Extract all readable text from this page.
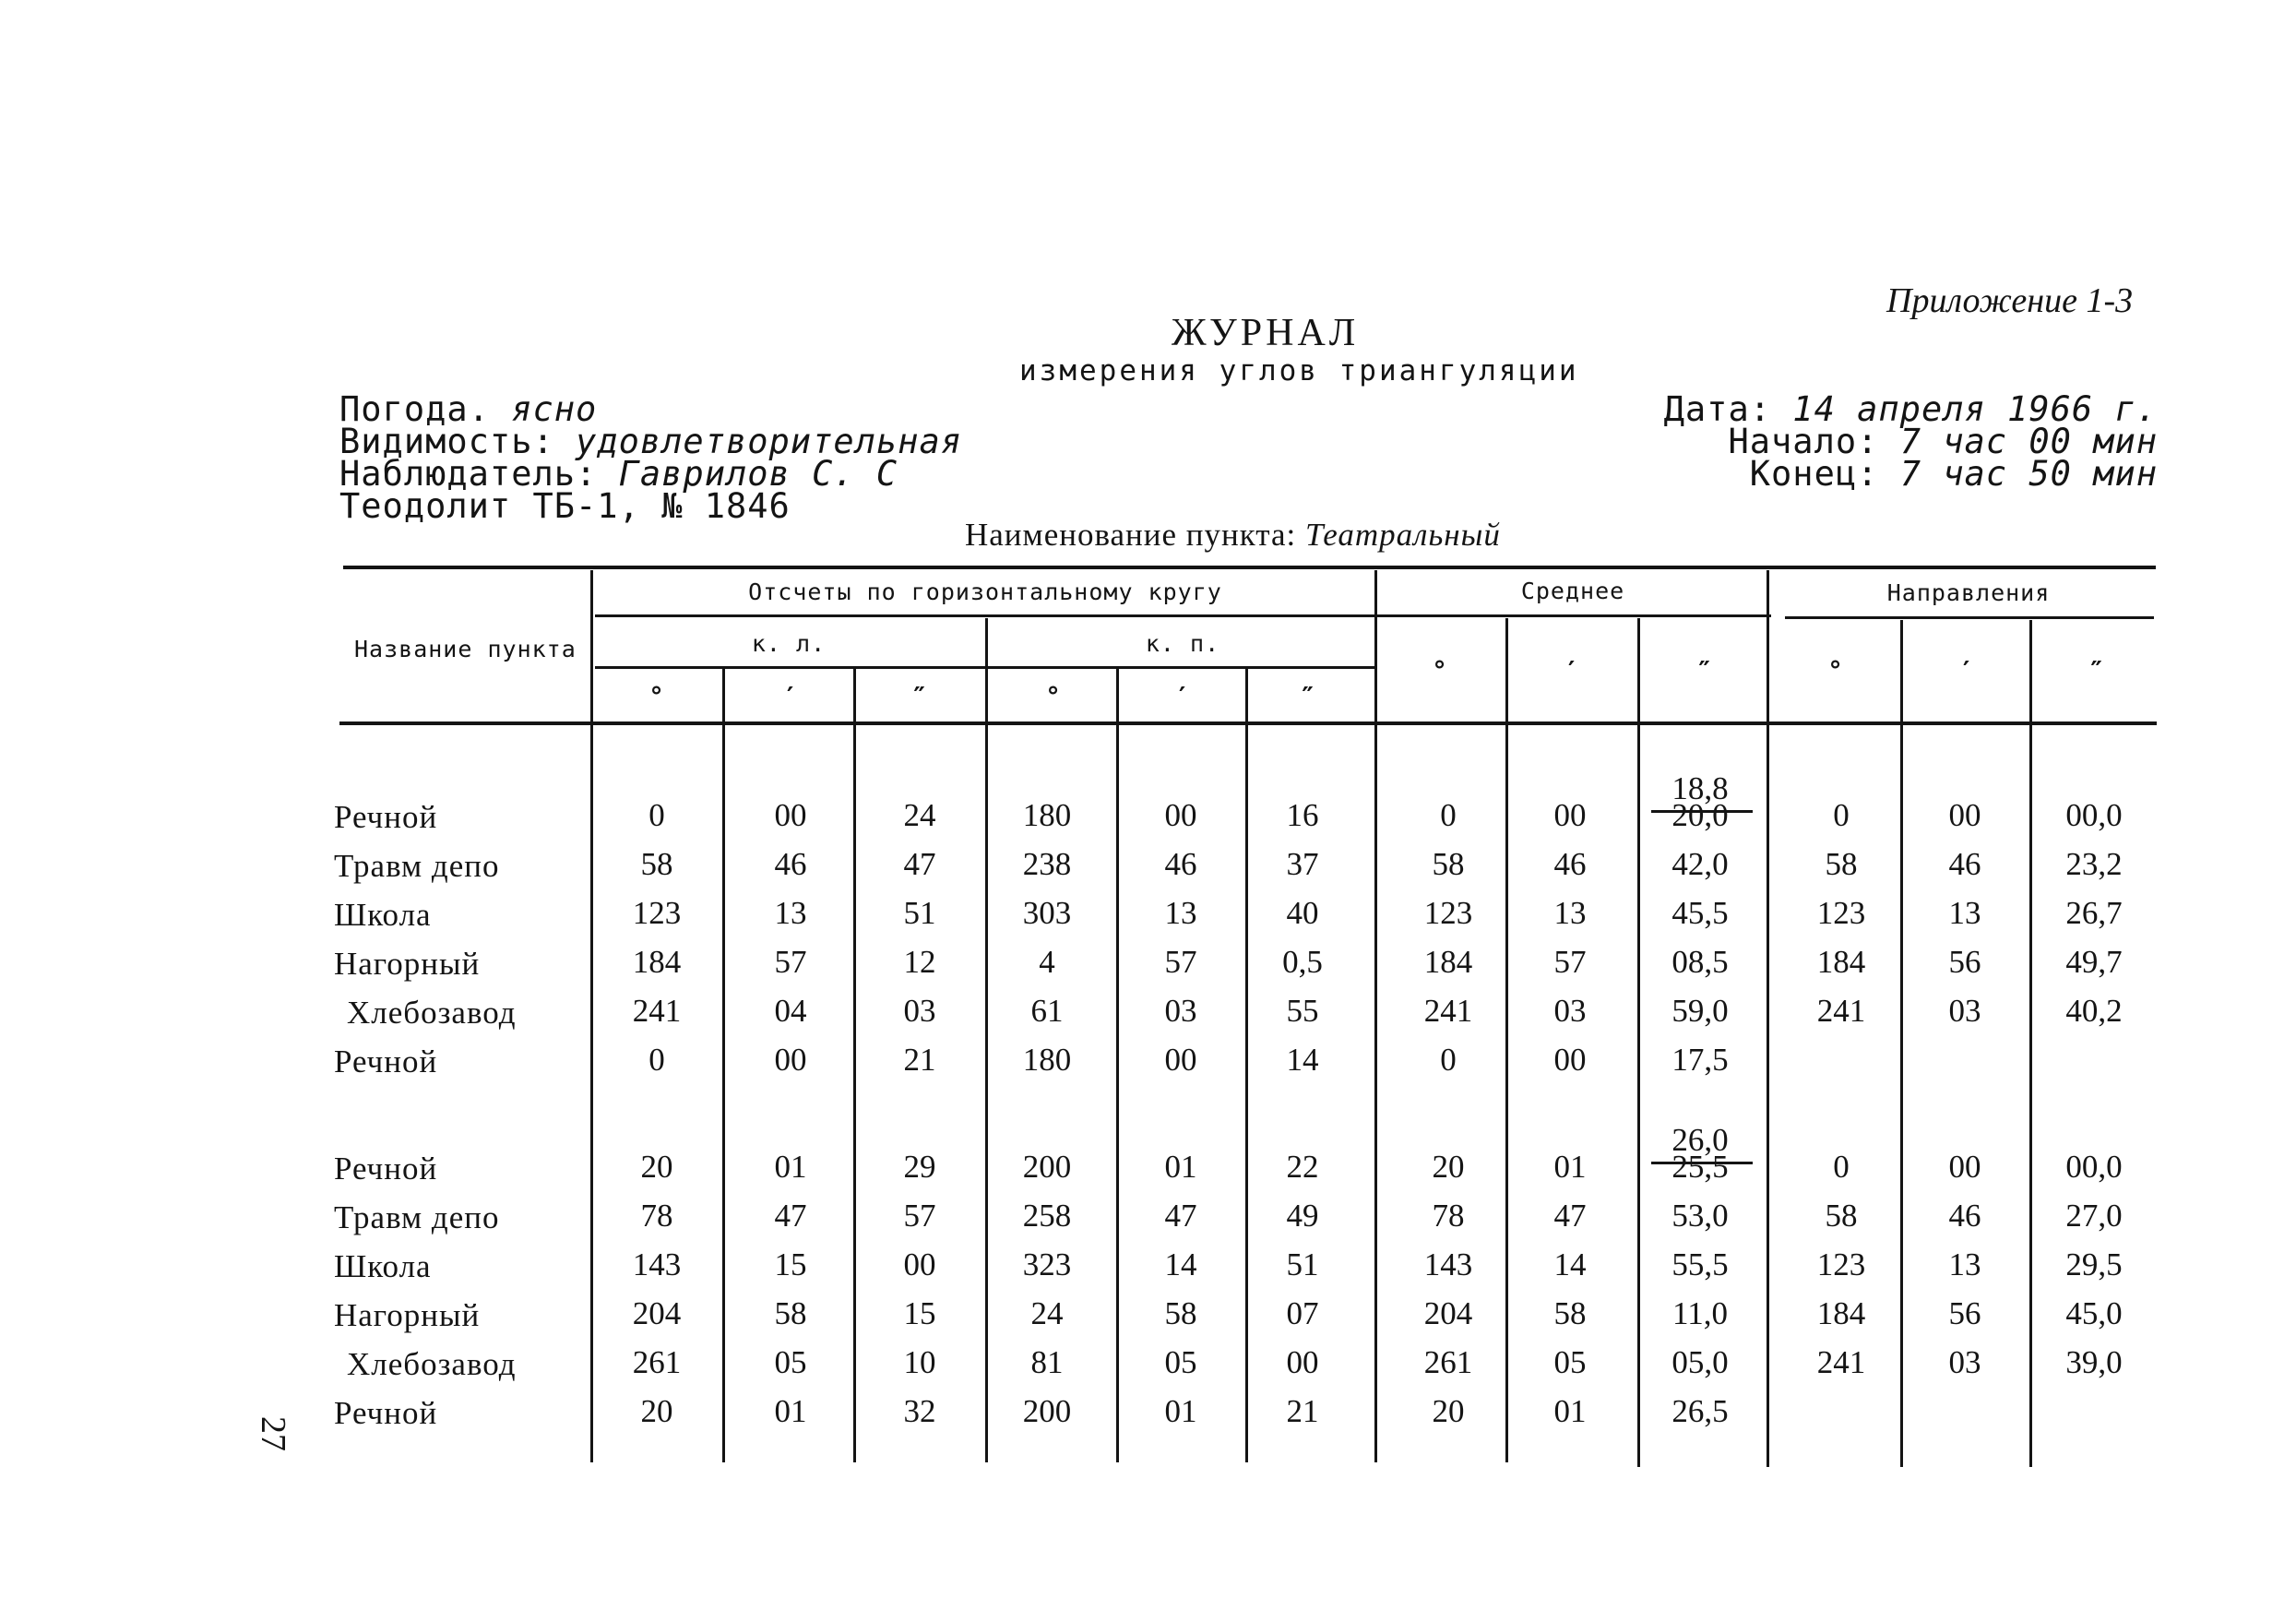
Приложение 1-3
ЖУРНАЛ
измерения углов триангуляции
Погода. ясно
Видимость: удовлетворительная
Наблюдатель: Гаврилов С. С
Теодолит ТБ-1, № 1846
Дата: 14 апреля 1966 г.
Начало: 7 час 00 мин
Конец: 7 час 50 мин
Наименование пункта: Театральный
Название пункта
Отсчеты по горизонтальному кругу
к. л.	к. п.
Среднее	Направления
°	′	″	°	′	″
°	′	″	°	′	″
18,8
Речной	0	00	24	180	00	16	0	00	20,0	0	00	00,0
Травм депо	58	46	47	238	46	37	58	46	42,0	58	46	23,2
Школа	123	13	51	303	13	40	123	13	45,5	123	13	26,7
Нагорный	184	57	12	4	57	0,5	184	57	08,5	184	56	49,7
Хлебозавод	241	04	03	61	03	55	241	03	59,0	241	03	40,2
Речной	0	00	21	180	00	14	0	00	17,5
26,0
Речной	20	01	29	200	01	22	20	01	25,5	0	00	00,0
Травм депо	78	47	57	258	47	49	78	47	53,0	58	46	27,0
Школа	143	15	00	323	14	51	143	14	55,5	123	13	29,5
Нагорный	204	58	15	24	58	07	204	58	11,0	184	56	45,0
Хлебозавод	261	05	10	81	05	00	261	05	05,0	241	03	39,0
Речной	20	01	32	200	01	21	20	01	26,5
27
